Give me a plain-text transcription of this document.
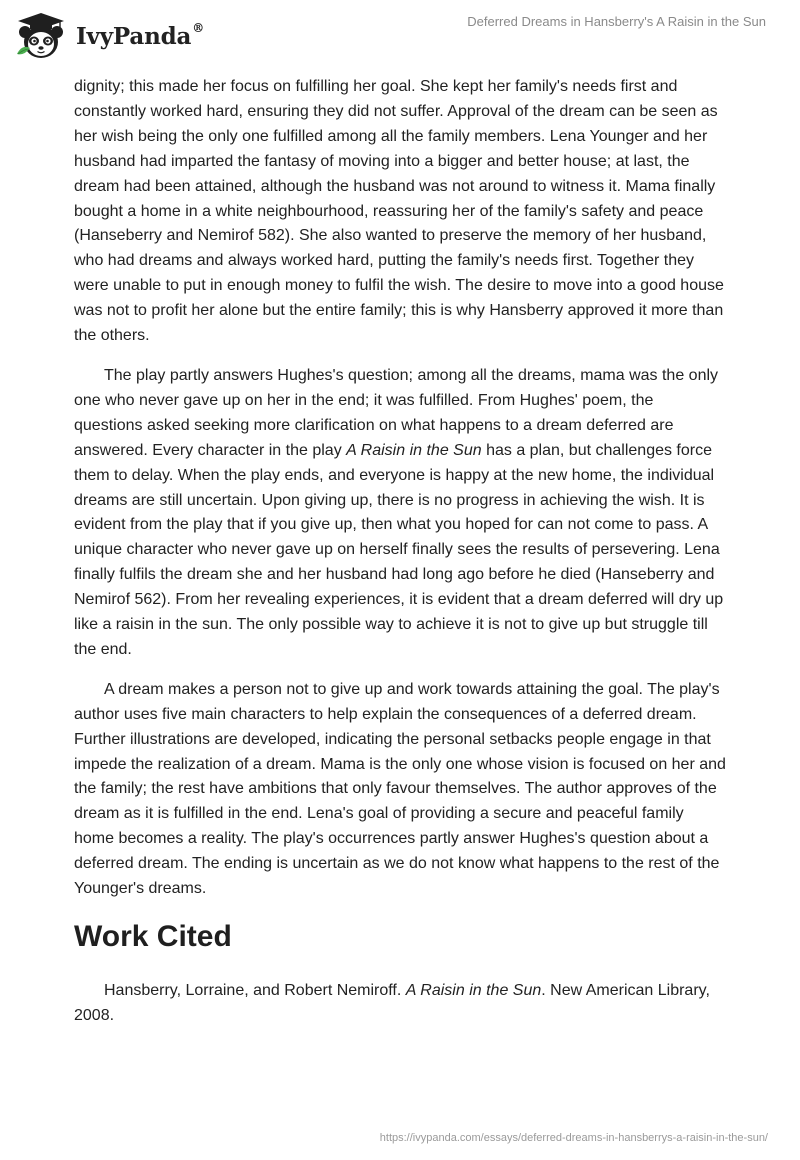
IvyPanda®	Deferred Dreams in Hansberry's A Raisin in the Sun

dignity; this made her focus on fulfilling her goal. She kept her family's needs first and constantly worked hard, ensuring they did not suffer. Approval of the dream can be seen as her wish being the only one fulfilled among all the family members. Lena Younger and her husband had imparted the fantasy of moving into a bigger and better house; at last, the dream had been attained, although the husband was not around to witness it. Mama finally bought a home in a white neighbourhood, reassuring her of the family's safety and peace (Hanseberry and Nemirof 582). She also wanted to preserve the memory of her husband, who had dreams and always worked hard, putting the family's needs first. Together they were unable to put in enough money to fulfil the wish. The desire to move into a good house was not to profit her alone but the entire family; this is why Hansberry approved it more than the others.

The play partly answers Hughes's question; among all the dreams, mama was the only one who never gave up on her in the end; it was fulfilled. From Hughes' poem, the questions asked seeking more clarification on what happens to a dream deferred are answered. Every character in the play A Raisin in the Sun has a plan, but challenges force them to delay. When the play ends, and everyone is happy at the new home, the individual dreams are still uncertain. Upon giving up, there is no progress in achieving the wish. It is evident from the play that if you give up, then what you hoped for can not come to pass. A unique character who never gave up on herself finally sees the results of persevering. Lena finally fulfils the dream she and her husband had long ago before he died (Hanseberry and Nemirof 562). From her revealing experiences, it is evident that a dream deferred will dry up like a raisin in the sun. The only possible way to achieve it is not to give up but struggle till the end.

A dream makes a person not to give up and work towards attaining the goal. The play's author uses five main characters to help explain the consequences of a deferred dream. Further illustrations are developed, indicating the personal setbacks people engage in that impede the realization of a dream. Mama is the only one whose vision is focused on her and the family; the rest have ambitions that only favour themselves. The author approves of the dream as it is fulfilled in the end. Lena's goal of providing a secure and peaceful family home becomes a reality. The play's occurrences partly answer Hughes's question about a deferred dream. The ending is uncertain as we do not know what happens to the rest of the Younger's dreams.

Work Cited

Hansberry, Lorraine, and Robert Nemiroff. A Raisin in the Sun. New American Library, 2008.

https://ivypanda.com/essays/deferred-dreams-in-hansberrys-a-raisin-in-the-sun/
